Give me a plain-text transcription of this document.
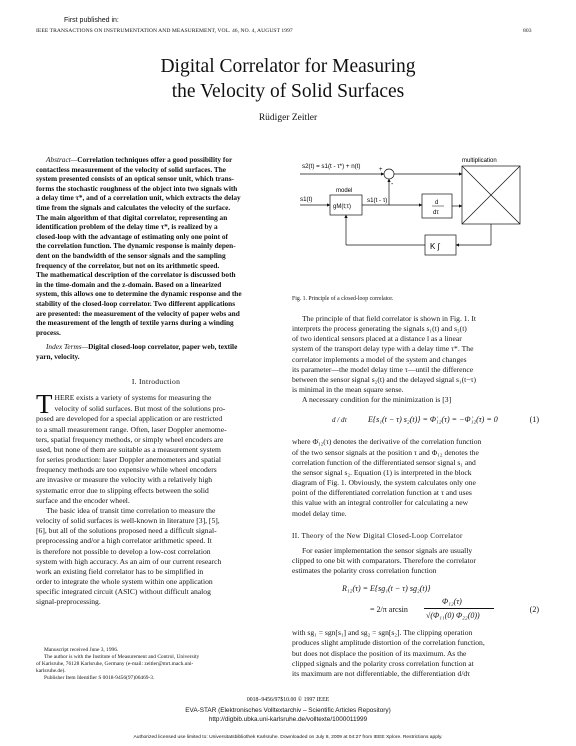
First published in:
IEEE TRANSACTIONS ON INSTRUMENTATION AND MEASUREMENT, VOL. 46, NO. 4, AUGUST 1997	803
Digital Correlator for Measuring
the Velocity of Solid Surfaces
Rüdiger Zeitler
Abstract—Correlation techniques offer a good possibility for
contactless measurement of the velocity of solid surfaces. The
system presented consists of an optical sensor unit, which trans-
forms the stochastic roughness of the object into two signals with
a delay time τ*, and of a correlation unit, which extracts the delay
time from the signals and calculates the velocity of the surface.
The main algorithm of that digital correlator, representing an
identification problem of the delay time τ*, is realized by a
closed-loop with the advantage of estimating only one point of
the correlation function. The dynamic response is mainly depen-
dent on the bandwidth of the sensor signals and the sampling
frequency of the correlator, but not on its arithmetic speed.
The mathematical description of the correlator is discussed both
in the time-domain and the z-domain. Based on a linearized
system, this allows one to determine the dynamic response and the
stability of the closed-loop correlator. Two different applications
are presented: the measurement of the velocity of paper webs and
the measurement of the length of textile yarns during a winding
process.
Index Terms—Digital closed-loop correlator, paper web, textile
yarn, velocity.
I. Introduction
T HERE exists a variety of systems for measuring the
velocity of solid surfaces. But most of the solutions pro-
posed are developed for a special application or are restricted
to a small measurement range. Often, laser Doppler anemome-
ters, spatial frequency methods, or simply wheel encoders are
used, but none of them are suitable as a measurement system
for series production: laser Doppler anemometers and spatial
frequency methods are too expensive while wheel encoders
are invasive or measure the velocity with a relatively high
systematic error due to slipping effects between the solid
surface and the encoder wheel.
The basic idea of transit time correlation to measure the
velocity of solid surfaces is well-known in literature [3], [5],
[6], but all of the solutions proposed need a difficult signal-
preprocessing and/or a high correlator arithmetic speed. It
is therefore not possible to develop a low-cost correlation
system with high accuracy. As an aim of our current research
work an existing field correlator has to be simplified in
order to integrate the whole system within one application
specific integrated circuit (ASIC) without difficult analog
signal-preprocessing.
Manuscript received June 3, 1996.
The author is with the Institute of Measurement and Control, University
of Karlsruhe, 76128 Karlsruhe, Germany (e-mail: zeitler@mrt.mach.uni-
karlsruhe.de).
Publisher Item Identifier S 0018-9456(97)06469-3.
s2(t) = s1(t - τ*) + n(t)
multiplication
model
s1(t)
gM(t;τ)
s1(t - τ)	d
dτ
K ∫
+
-
Fig. 1. Principle of a closed-loop correlator.
The principle of that field correlator is shown in Fig. 1. It
interprets the process generating the signals s₁(t) and s₂(t)
of two identical sensors placed at a distance l as a linear
system of the transport delay type with a delay time τ*. The
correlator implements a model of the system and changes
its parameter—the model delay time τ—until the difference
between the sensor signal s₂(t) and the delayed signal s₁(t−τ)
is minimal in the mean square sense.
A necessary condition for the minimization is [3]
d / dτ	E{s₁(t − τ) s₂(t)} = Φ̇₁₂(τ) = −Φ̇₁₂(τ) = 0	(1)
where Φ̇₁₂(τ) denotes the derivative of the correlation function
of the two sensor signals at the position τ and Φ₁₂ denotes the
correlation function of the differentiated sensor signal s₁ and
the sensor signal s₂. Equation (1) is interpreted in the block
diagram of Fig. 1. Obviously, the system calculates only one
point of the differentiated correlation function at τ and uses
this value with an integral controller for calculating a new
model delay time.
II. Theory of the New Digital Closed-Loop Correlator
For easier implementation the sensor signals are usually
clipped to one bit with comparators. Therefore the correlator
estimates the polarity cross correlation function
R₁₂(τ) = E{sg₁(t − τ) sg₂(t)}
= 2/π arcsin
Φ₁₂(τ)
√(Φ₁₁(0) Φ₂₂(0))
(2)
with sg₁ = sgn[s₁] and sg₂ = sgn[s₂]. The clipping operation
produces slight amplitude distortion of the correlation function,
but does not displace the position of its maximum. As the
clipped signals and the polarity cross correlation function at
its maximum are not differentiable, the differentiation d/dτ
0018–9456/97$10.00 © 1997 IEEE
EVA-STAR (Elektronisches Volltextarchiv – Scientific Articles Repository)
http://digbib.ubka.uni-karlsruhe.de/volltexte/1000011999
Authorized licensed use limited to: Universitatsbibliothek Karlsruhe. Downloaded on July 8, 2009 at 04:27 from IEEE Xplore. Restrictions apply.
